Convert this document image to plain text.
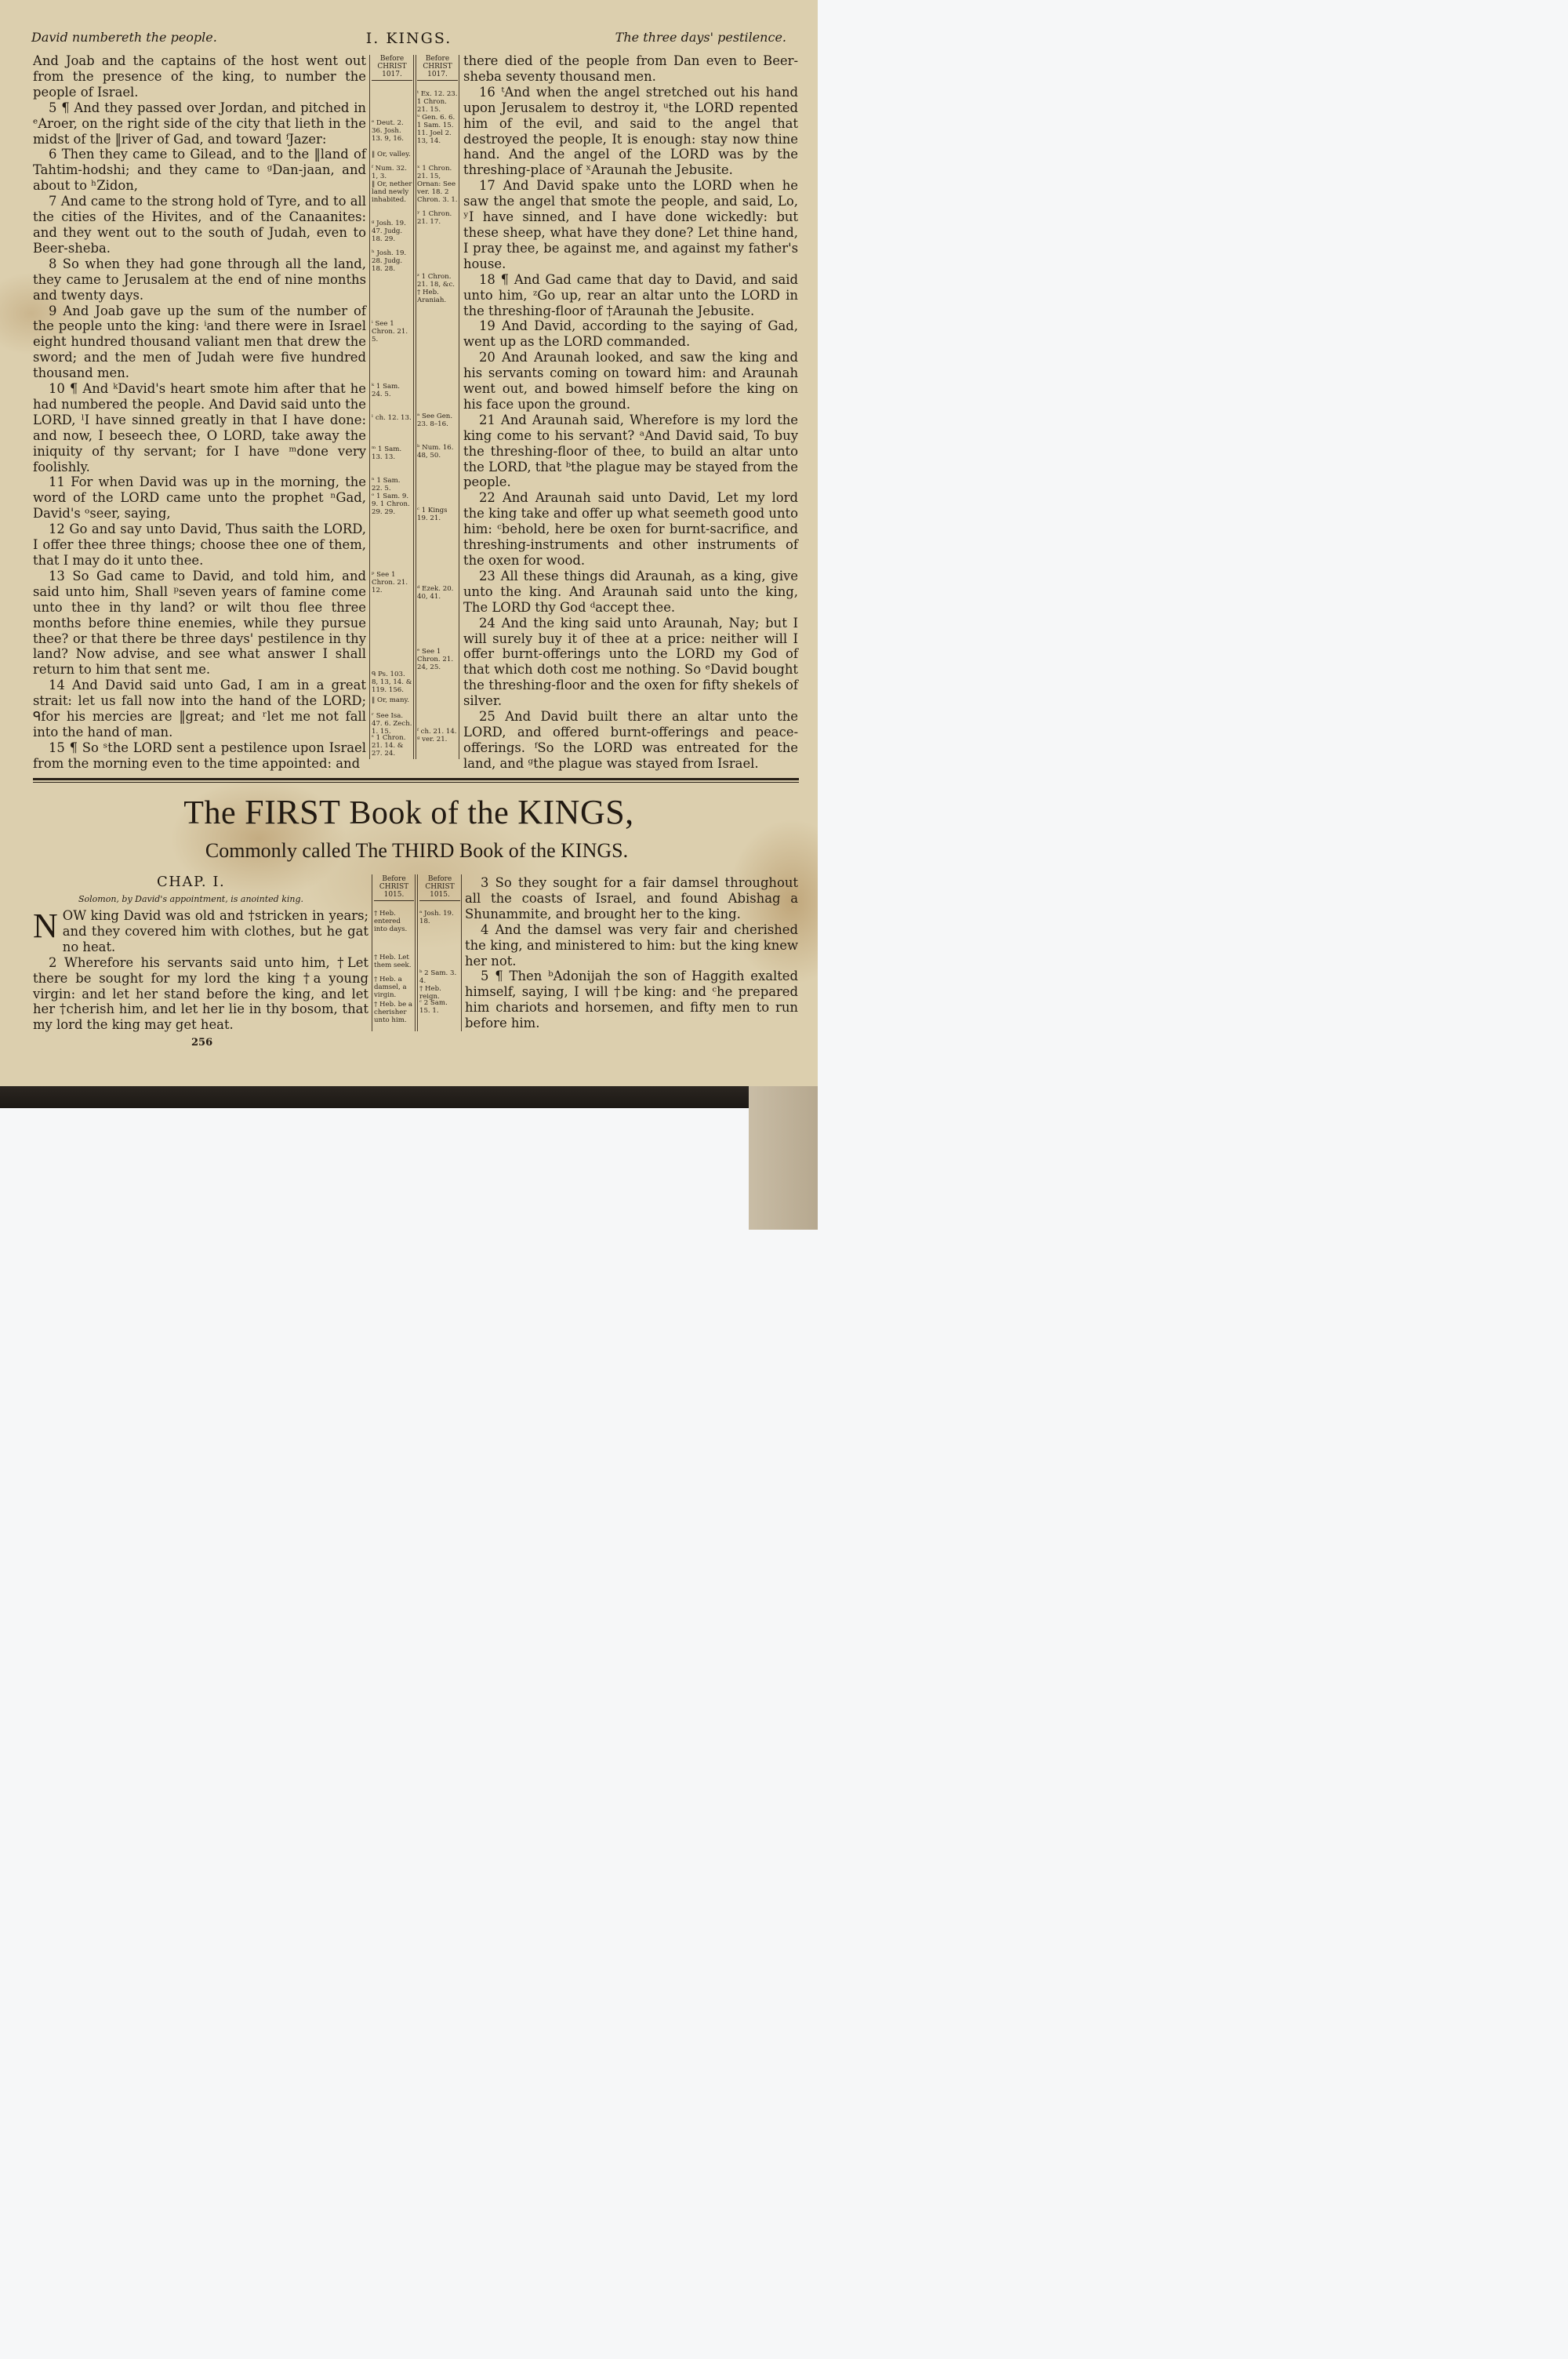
David numbereth the people.	I. KINGS.	The three days' pestilence.

And Joab and the captains of the host went out from the presence of the king, to number the people of Israel.

5 ¶ And they passed over Jordan, and pitched in ᵉAroer, on the right side of the city that lieth in the midst of the ‖river of Gad, and toward ᶠJazer:

6 Then they came to Gilead, and to the ‖land of Tahtim-hodshi; and they came to ᵍDan-jaan, and about to ʰZidon,

7 And came to the strong hold of Tyre, and to all the cities of the Hivites, and of the Canaanites: and they went out to the south of Judah, even to Beer-sheba.

8 So when they had gone through all the land, they came to Jerusalem at the end of nine months and twenty days.

9 And Joab gave up the sum of the number of the people unto the king: ⁱand there were in Israel eight hundred thousand valiant men that drew the sword; and the men of Judah were five hundred thousand men.

10 ¶ And ᵏDavid's heart smote him after that he had numbered the people. And David said unto the LORD, ˡI have sinned greatly in that I have done: and now, I beseech thee, O LORD, take away the iniquity of thy servant; for I have ᵐdone very foolishly.

11 For when David was up in the morning, the word of the LORD came unto the prophet ⁿGad, David's ᵒseer, saying,

12 Go and say unto David, Thus saith the LORD, I offer thee three things; choose thee one of them, that I may do it unto thee.

13 So Gad came to David, and told him, and said unto him, Shall ᵖseven years of famine come unto thee in thy land? or wilt thou flee three months before thine enemies, while they pursue thee? or that there be three days' pestilence in thy land? Now advise, and see what answer I shall return to him that sent me.

14 And David said unto Gad, I am in a great strait: let us fall now into the hand of the LORD; ᑫfor his mercies are ‖great; and ʳlet me not fall into the hand of man.

15 ¶ So ˢthe LORD sent a pestilence upon Israel from the morning even to the time appointed: and

Before CHRIST 1017.
ᵉ Deut. 2. 36. Josh. 13. 9, 16.
‖ Or, valley.
ᶠ Num. 32. 1, 3.
‖ Or, nether land newly inhabited.
ᵍ Josh. 19. 47. Judg. 18. 29.
ʰ Josh. 19. 28. Judg. 18. 28.
ⁱ See 1 Chron. 21. 5.
ᵏ 1 Sam. 24. 5.
ˡ ch. 12. 13.
ᵐ 1 Sam. 13. 13.
ⁿ 1 Sam. 22. 5.
ᵒ 1 Sam. 9. 9. 1 Chron. 29. 29.
ᵖ See 1 Chron. 21. 12.
ᑫ Ps. 103. 8, 13, 14. & 119. 156.
‖ Or, many.
ʳ See Isa. 47. 6. Zech. 1. 15.
ˢ 1 Chron. 21. 14. & 27. 24.
Before CHRIST 1017.
ᵗ Ex. 12. 23. 1 Chron. 21. 15.
ᵘ Gen. 6. 6. 1 Sam. 15. 11. Joel 2. 13, 14.
ˣ 1 Chron. 21. 15, Ornan: See ver. 18. 2 Chron. 3. 1.
ʸ 1 Chron. 21. 17.
ᶻ 1 Chron. 21. 18, &c.
† Heb. Araniah.
ᵃ See Gen. 23. 8–16.
ᵇ Num. 16. 48, 50.
ᶜ 1 Kings 19. 21.
ᵈ Ezek. 20. 40, 41.
ᵉ See 1 Chron. 21. 24, 25.
ᶠ ch. 21. 14.
ᵍ ver. 21.

there died of the people from Dan even to Beer-sheba seventy thousand men.

16 ᵗAnd when the angel stretched out his hand upon Jerusalem to destroy it, ᵘthe LORD repented him of the evil, and said to the angel that destroyed the people, It is enough: stay now thine hand. And the angel of the LORD was by the threshing-place of ˣAraunah the Jebusite.

17 And David spake unto the LORD when he saw the angel that smote the people, and said, Lo, ʸI have sinned, and I have done wickedly: but these sheep, what have they done? Let thine hand, I pray thee, be against me, and against my father's house.

18 ¶ And Gad came that day to David, and said unto him, ᶻGo up, rear an altar unto the LORD in the threshing-floor of †Araunah the Jebusite.

19 And David, according to the saying of Gad, went up as the LORD commanded.

20 And Araunah looked, and saw the king and his servants coming on toward him: and Araunah went out, and bowed himself before the king on his face upon the ground.

21 And Araunah said, Wherefore is my lord the king come to his servant? ᵃAnd David said, To buy the threshing-floor of thee, to build an altar unto the LORD, that ᵇthe plague may be stayed from the people.

22 And Araunah said unto David, Let my lord the king take and offer up what seemeth good unto him: ᶜbehold, here be oxen for burnt-sacrifice, and threshing-instruments and other instruments of the oxen for wood.

23 All these things did Araunah, as a king, give unto the king. And Araunah said unto the king, The LORD thy God ᵈaccept thee.

24 And the king said unto Araunah, Nay; but I will surely buy it of thee at a price: neither will I offer burnt-offerings unto the LORD my God of that which doth cost me nothing. So ᵉDavid bought the threshing-floor and the oxen for fifty shekels of silver.

25 And David built there an altar unto the LORD, and offered burnt-offerings and peace-offerings. ᶠSo the LORD was entreated for the land, and ᵍthe plague was stayed from Israel.

The FIRST Book of the KINGS,
Commonly called The THIRD Book of the KINGS.
CHAP. I.
Solomon, by David's appointment, is anointed king.
N OW king David was old and †stricken in years; and they covered him with clothes, but he gat no heat.

2 Wherefore his servants said unto him, †Let there be sought for my lord the king †a young virgin: and let her stand before the king, and let her †cherish him, and let her lie in thy bosom, that my lord the king may get heat.

Before CHRIST 1015.
† Heb. entered into days.
† Heb. Let them seek.
† Heb. a damsel, a virgin.
† Heb. be a cherisher unto him.
Before CHRIST 1015.
ᵃ Josh. 19. 18.
ᵇ 2 Sam. 3. 4.
† Heb. reign.
ᶜ 2 Sam. 15. 1.

3 So they sought for a fair damsel throughout all the coasts of Israel, and found Abishag a Shunammite, and brought her to the king.

4 And the damsel was very fair and cherished the king, and ministered to him: but the king knew her not.

5 ¶ Then ᵇAdonijah the son of Haggith exalted himself, saying, I will †be king: and ᶜhe prepared him chariots and horsemen, and fifty men to run before him.

256
